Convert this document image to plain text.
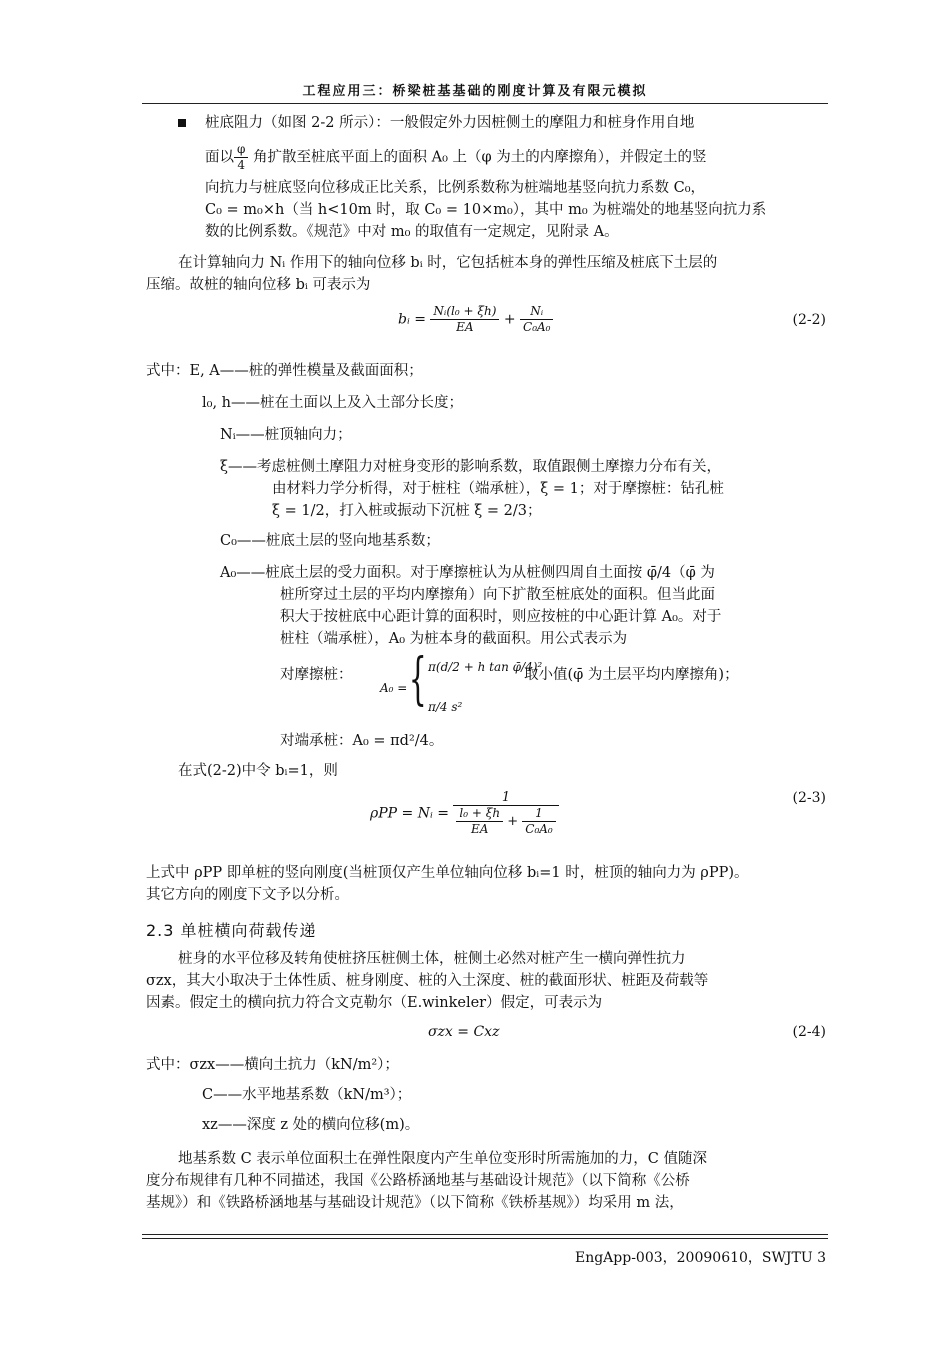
工程应用三：桥梁桩基基础的刚度计算及有限元模拟
桩底阻力（如图 2-2 所示）：一般假定外力因桩侧土的摩阻力和桩身作用自地
面以 $\frac{\varphi}{4}$ 角扩散至桩底平面上的面积 A₀ 上（φ 为土的内摩擦角），并假定土的竖
向抗力与桩底竖向位移成正比关系，比例系数称为桩端地基竖向抗力系数 C₀，
C₀ = m₀×h（当 h<10m 时，取 C₀ = 10×m₀），其中 m₀ 为桩端处的地基竖向抗力系
数的比例系数。《规范》中对 m₀ 的取值有一定规定，见附录 A。
在计算轴向力 Nᵢ 作用下的轴向位移 bᵢ 时，它包括桩本身的弹性压缩及桩底下土层的
压缩。故桩的轴向位移 bᵢ 可表示为
bᵢ = $\frac{\text{Nᵢ(l₀ + ξh)}}{EA} + \frac{\text{Nᵢ}}{\text{C₀A₀}}$	(2-2)
式中：E, A——桩的弹性模量及截面面积；
l₀, h——桩在土面以上及入土部分长度；
Nᵢ——桩顶轴向力；
ξ——考虑桩侧土摩阻力对桩身变形的影响系数，取值跟侧土摩擦力分布有关，
由材料力学分析得，对于桩柱（端承桩），ξ = 1；对于摩擦桩：钻孔桩
ξ = 1/2，打入桩或振动下沉桩 ξ = 2/3；
C₀——桩底土层的竖向地基系数；
A₀——桩底土层的受力面积。对于摩擦桩认为从桩侧四周自土面按 φ̄/4（φ̄ 为
桩所穿过土层的平均内摩擦角）向下扩散至桩底处的面积。但当此面
积大于按桩底中心距计算的面积时，则应按桩的中心距计算 A₀。对于
桩柱（端承桩），A₀ 为桩本身的截面积。用公式表示为
对摩擦桩：
A₀ = { π(d/2 + h tan φ̄/4)²
π/4 s²
取小值(φ̄ 为土层平均内摩擦角)；
对端承桩：A₀ = πd²/4。
在式(2-2)中令 bᵢ=1，则
ρPP = Nᵢ = $\frac{1}{\frac{\text{l₀ + ξh}}{EA} + \frac{1}{\text{C₀A₀}}}$	(2-3)
上式中 ρPP 即单桩的竖向刚度(当桩顶仅产生单位轴向位移 bᵢ=1 时，桩顶的轴向力为 ρPP)。
其它方向的刚度下文予以分析。
2.3 单桩横向荷载传递
桩身的水平位移及转角使桩挤压桩侧土体，桩侧土必然对桩产生一横向弹性抗力
σzx，其大小取决于土体性质、桩身刚度、桩的入土深度、桩的截面形状、桩距及荷载等
因素。假定土的横向抗力符合文克勒尔（E.winkeler）假定，可表示为
σzx = Cxz	(2-4)
式中：σzx——横向土抗力（kN/m²）；
C——水平地基系数（kN/m³）；
xz——深度 z 处的横向位移(m)。
地基系数 C 表示单位面积土在弹性限度内产生单位变形时所需施加的力，C 值随深
度分布规律有几种不同描述，我国《公路桥涵地基与基础设计规范》（以下简称《公桥
基规》）和《铁路桥涵地基与基础设计规范》（以下简称《铁桥基规》）均采用 m 法，
EngApp-003，20090610，SWJTU 3
